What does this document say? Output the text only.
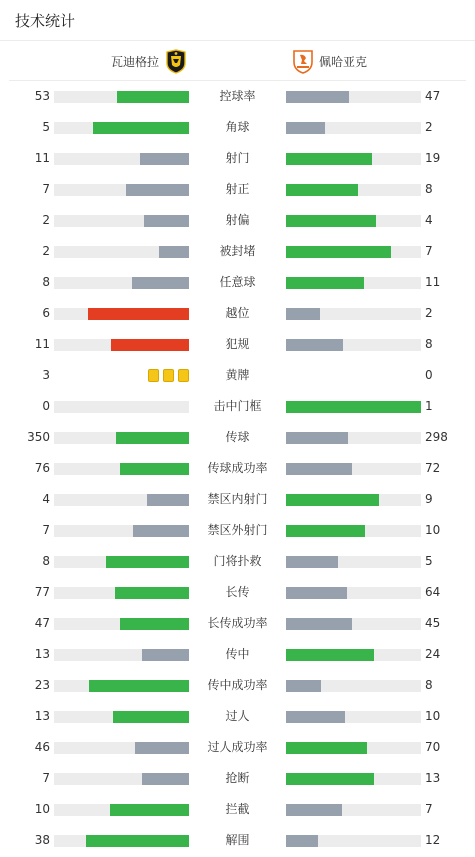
技术统计
瓦迪格拉	佩哈亚克
53	控球率	47
5	角球	2
11	射门	19
7	射正	8
2	射偏	4
2	被封堵	7
8	任意球	11
6	越位	2
11	犯规	8
3	黄牌	0
0	击中门框	1
350	传球	298
76	传球成功率	72
4	禁区内射门	9
7	禁区外射门	10
8	门将扑救	5
77	长传	64
47	长传成功率	45
13	传中	24
23	传中成功率	8
13	过人	10
46	过人成功率	70
7	抢断	13
10	拦截	7
38	解围	12
